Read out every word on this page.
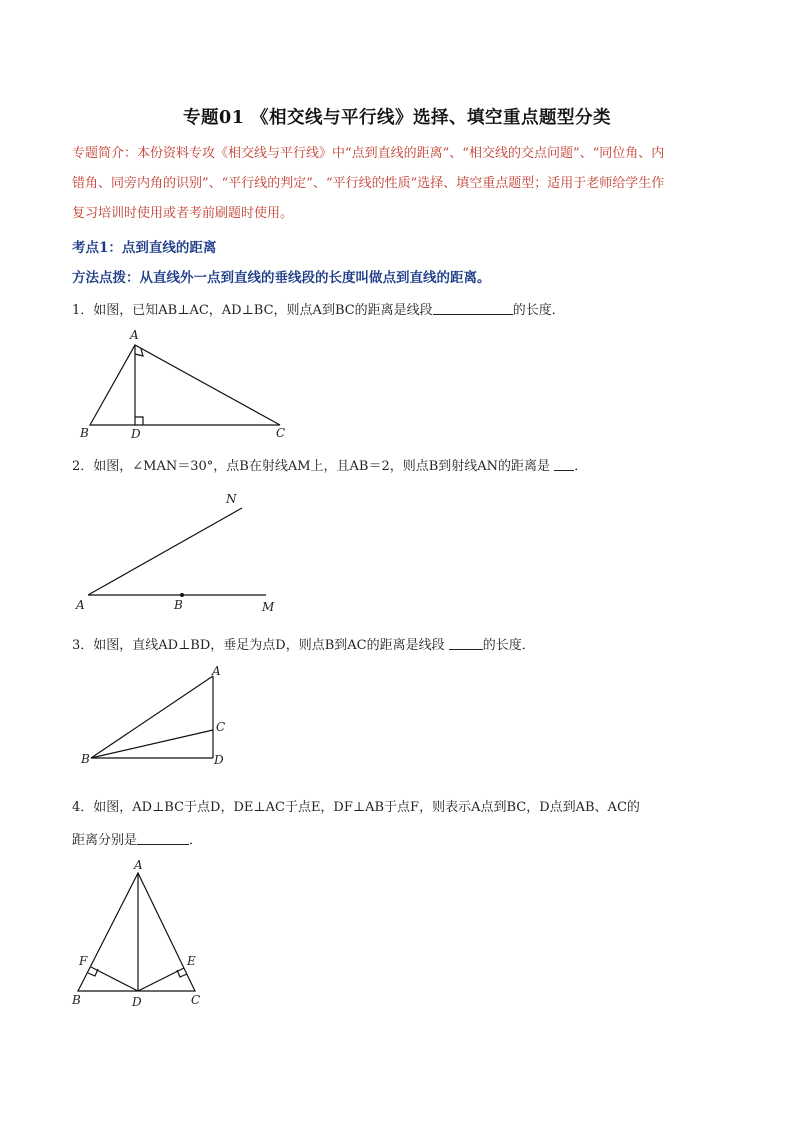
专题01 《相交线与平行线》选择、填空重点题型分类
专题简介：本份资料专攻《相交线与平行线》中“点到直线的距离”、“相交线的交点问题”、“同位角、内
错角、同旁内角的识别”、“平行线的判定”、“平行线的性质”选择、填空重点题型；适用于老师给学生作
复习培训时使用或者考前刷题时使用。
考点1：点到直线的距离
方法点拨：从直线外一点到直线的垂线段的长度叫做点到直线的距离。
1．如图，已知AB⊥AC，AD⊥BC，则点A到BC的距离是线段	的长度．
A
B	D	C
2．如图，∠MAN＝30°，点B在射线AM上，且AB＝2，则点B到射线AN的距离是 ．
A	B	M
N
3．如图，直线AD⊥BD，垂足为点D，则点B到AC的距离是线段	的长度．
A
C
B	D
4．如图，AD⊥BC于点D，DE⊥AC于点E，DF⊥AB于点F，则表示A点到BC，D点到AB、AC的
距离分别是	．
A
F	E
B	D	C
